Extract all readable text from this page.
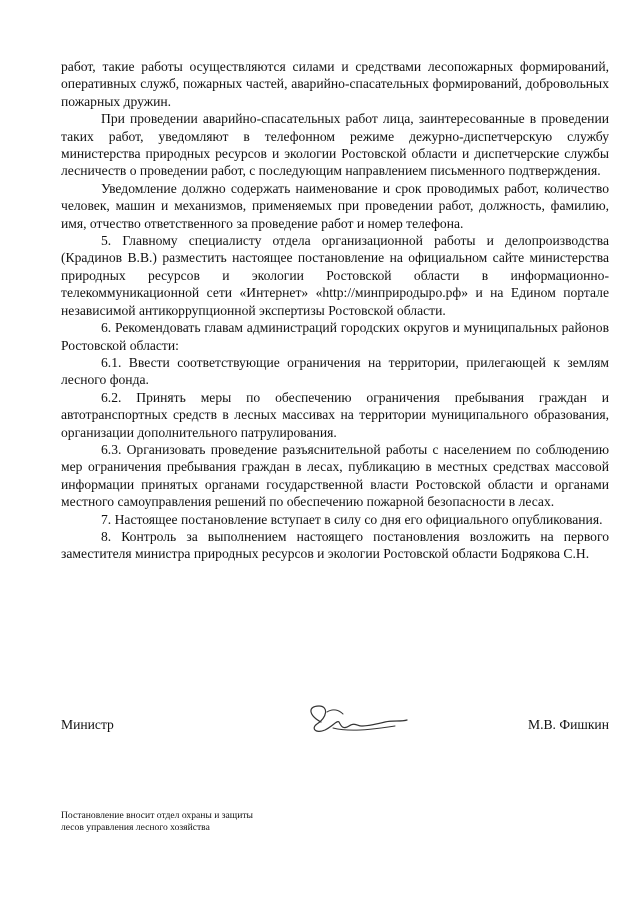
работ, такие работы осуществляются силами и средствами лесопожарных формирований, оперативных служб, пожарных частей, аварийно-спасательных формирований, добровольных пожарных дружин.

При проведении аварийно-спасательных работ лица, заинтересованные в проведении таких работ, уведомляют в телефонном режиме дежурно-диспетчерскую службу министерства природных ресурсов и экологии Ростовской области и диспетчерские службы лесничеств о проведении работ, с последующим направлением письменного подтверждения.

Уведомление должно содержать наименование и срок проводимых работ, количество человек, машин и механизмов, применяемых при проведении работ, должность, фамилию, имя, отчество ответственного за проведение работ и номер телефона.

5. Главному специалисту отдела организационной работы и делопроизводства (Крадинов В.В.) разместить настоящее постановление на официальном сайте министерства природных ресурсов и экологии Ростовской области в информационно-телекоммуникационной сети «Интернет» «http://минприродыро.рф» и на Едином портале независимой антикоррупционной экспертизы Ростовской области.

6. Рекомендовать главам администраций городских округов и муниципальных районов Ростовской области:

6.1. Ввести соответствующие ограничения на территории, прилегающей к землям лесного фонда.

6.2. Принять меры по обеспечению ограничения пребывания граждан и автотранспортных средств в лесных массивах на территории муниципального образования, организации дополнительного патрулирования.

6.3. Организовать проведение разъяснительной работы с населением по соблюдению мер ограничения пребывания граждан в лесах, публикацию в местных средствах массовой информации принятых органами государственной власти Ростовской области и органами местного самоуправления решений по обеспечению пожарной безопасности в лесах.

7. Настоящее постановление вступает в силу со дня его официального опубликования.

8. Контроль за выполнением настоящего постановления возложить на первого заместителя министра природных ресурсов и экологии Ростовской области Бодрякова С.Н.

Министр	М.В. Фишкин
Постановление вносит отдел охраны и защиты
лесов управления лесного хозяйства
